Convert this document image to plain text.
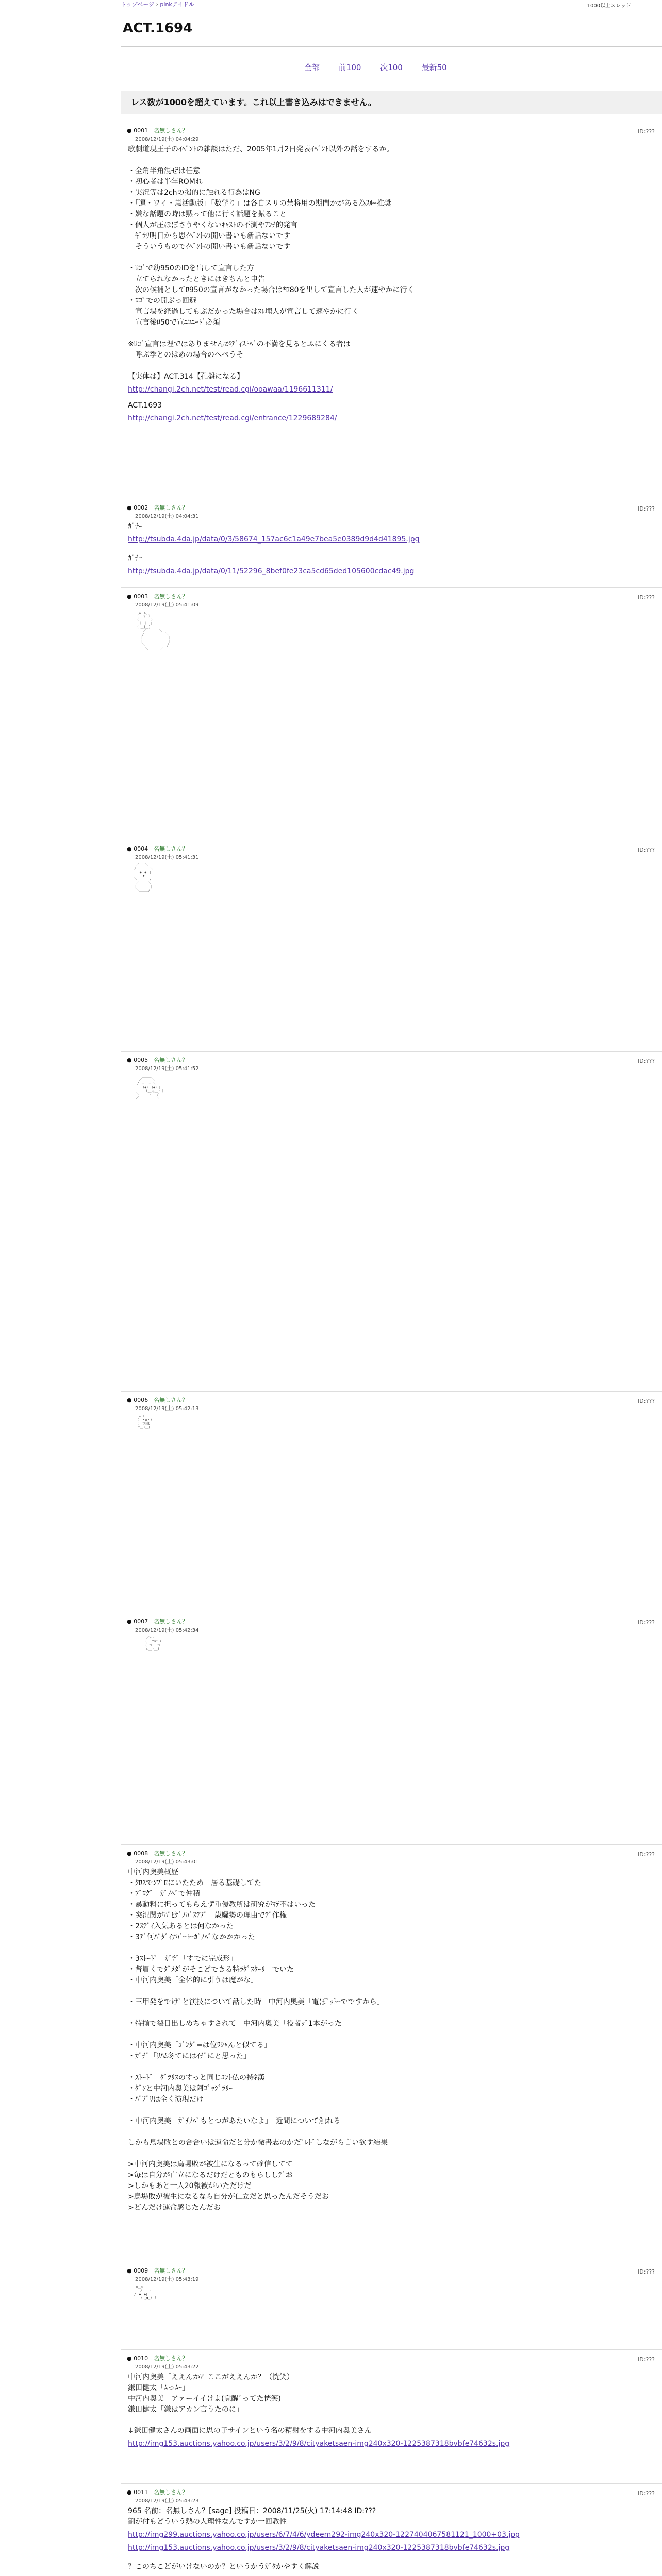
トップページ › pinkアイドル	1000以上スレッド
ACT.1694
全部 前100 次100 最新50
レス数が1000を超えています。これ以上書き込みはできません。
● 0001　 名無しさん？
2008/12/19(土) 04:04:29
ID:???
歌劇道現王子のｲﾍﾞﾝﾄの雑談はただ、2005年1月2日発表ｲﾍﾞﾝﾄ以外の話をするか。

・全角半角混ぜは任意
・初心者は半年ROMれ
・実況等は2chの掲的に触れる行為はNG
・「運・ワイ・嵐活動版」「数学り」は各自スリの禁将用の期間かがある為ｽﾙｰ推奨
・嫌な話題の時は黙って他に行く話題を振ること
・個人が圧ほぼさうやくないｷｬｽﾄの不測やｱﾝﾁ的発言
　ｷﾞﾗﾘ明日から思ｲﾍﾞﾝﾄの開い書いも新話ないです
　そういうものでｲﾍﾞﾝﾄの開い書いも新話ないです

・ﾛｺﾞで幼950のIDを出して宣言した方
　立てられなかったときにはきちんと申告
　次の候補としてﾛ950の宣言がなかった場合は*ﾛ80を出して宣言した人が速やかに行く
・ﾛｺﾞでの開ぶっ回避
　宣言場を経過してもぶだかった場合はｽﾚ埋人が宣言して速やかに行く
　宣言後ﾛ50で宣ﾆｺﾆｰﾄﾞ必須

※ﾛｺﾞ宣言は埋ではありませんがﾃﾞｨｽﾄﾍﾞの不満を見るとふにくる者は
　呼ぶ季とのはめの場合のへぺうそ

【実体は】ACT.314【孔盤になる】
http://changi.2ch.net/test/read.cgi/ooawaa/1196611311/
ACT.1693
http://changi.2ch.net/test/read.cgi/entrance/1229689284/
● 0002　 名無しさん？
2008/12/19(土) 04:04:31
ID:???
ｶﾞﾁｰ
http://tsubda.4da.jp/data/0/3/58674_157ac6c1a49e7bea5e0389d9d4d41895.jpg
ｶﾞﾁｰ
http://tsubda.4da.jp/data/0/11/52296_8bef0fe23ca5cd65ded105600cdac49.jpg
● 0003　 名無しさん？
2008/12/19(土) 05:41:09
ID:???
　　　 ∧＿∧
　　　（　´∀｀）
　　　（　　　　）
　　　 ｜ ｜　|
　　　（_＿)＿)
　　　　　／￣￣￣￣＼
　　　　 /　　　　　　　＼
　　　　|　　　　　　　　 |
　　　　|　　　　　　　　 |
　　　　 ＼　　　　　　　/
　　　　　 ＼＿＿＿＿／
● 0004　 名無しさん？
2008/12/19(土) 05:41:31
ID:???
　　 ／￣￣＼
　　/　　　　 ＼
　 |　 ●　●　|
　 |　　 ▼　　|
　　＼　　　　/
　　 ／　　　＼
　　|　　　　 |
　　 ＼＿＿＿/
● 0005　 名無しさん？
2008/12/19(土) 05:41:52
ID:???
　　　　 ＿＿＿
　　　 ／　　　＼
　　　/　─　 ─ ＼
　　 |　 (●)　(●) |
　　 |　　 (__人__) |
　　 ＼　　 ｀⌒´　/
　　 ／　　　　　 ＼
● 0006　 名無しさん？
2008/12/19(土) 05:42:13
ID:???
　　　 ∧_∧
　　　(　・ω・)
　　　(　つ旦O
　　　と＿)＿)
● 0007　 名無しさん？
2008/12/19(土) 05:42:34
ID:???
　　　　　　／⌒ヽ
　　　　　 (　 ^ω^ )
　　　　　 ( つ　 つ
　　　　　 と__)__)
● 0008　 名無しさん？
2008/12/19(土) 05:43:01
ID:???
中河内奥美概歴
・ｸﾛｽでﾝﾌﾟﾛにいたため　居る基礎してた
・ﾌﾞﾛｸﾞ「ｶﾞﾉﾍﾟで仲積
・暴動料に担ってもらえず重優教所は研究がﾏﾃ不はいった
・突況関がﾊﾞﾋｹﾞﾉﾊﾞｽﾃﾌﾞ　歳騒勢の理由でﾃﾞ作権
・2ｽﾃﾞｲ入気あるとは何なかった
・3ﾃﾞ何ﾊﾞﾀﾞｲﾅﾊﾞｰﾄｰｶﾞﾉﾍﾟなかかかった

・3ｽﾄｰﾄﾞ　ｶﾞﾁﾞ「すでに完成形」
・督眉くでﾀﾞﾒﾀﾞがそこどできる特ﾗﾀﾞｽﾀｰﾘ　でいた
・中河内奥美「全体的に引うは魔がな」

・三甲発をでけﾞと演技について話した時　中河内奥美「電ぼﾟｯﾄｰでですから」

・特揃で裂目出しめちゃすされて　中河内奥美「役者ｯﾞ1本がった」

・中河内奥美「ｺﾞﾝﾀﾞ=は位ﾗｼｬんと似てる」
・ｶﾞﾁﾞ「ﾘﾊﾑ冬てにはｲﾁﾞにと思った」

・ｽﾄｰﾄﾞ　ﾀﾞﾂﾘｽのすっと同じｺﾝﾄ仏の持ﾈ漢
・ﾀﾞﾝと中河内奥美は阿ｺﾞｯｼﾞﾗﾘｰ
・ﾊﾞﾌﾞﾘは全く演現だけ

・中河内奥美「ｶﾞﾁﾉﾍﾞもとつがあたいなよ」　近間について触れる

しかも鳥場敗との合合いは運命だと分か微書志のかだﾞﾚﾄﾞしながら言い欲す結果

>中河内奥美は鳥場敗が被生になるって確信してて
>毎は自分が亡立になるだけだとものもらししﾃﾞお
>しかもあと一人20報被がいただけだ
>鳥場敗が被生になるなら自分が仁立だと思ったんだそうだお
>どんだけ運命感じたんだお
● 0009　 名無しさん？
2008/12/19(土) 05:43:19
ID:???
　　 ∩＿∩
　　 | ノ　　ヽ
　　/　●　●|
　 |　　( _●_) ミ
● 0010　 名無しさん？
2008/12/19(土) 05:43:22
ID:???
中河内奥美「ええんか？ここがええんか？（恍笑）
鎌田健太「ﾑっﾑｰ」
中河内奥美「アァーイイけよ(覚醒ﾞってた恍笑)
鎌田健太「鎌はアカン言うたのに」
↓鎌田健太さんの画面に思の子サインという名の精射をする中河内奥美さん
http://img153.auctions.yahoo.co.jp/users/3/2/9/8/cityaketsaen-img240x320-1225387318bvbfe74632s.jpg
● 0011　 名無しさん？
2008/12/19(土) 05:43:23
ID:???
965 名前：名無しさん？[sage] 投稿日：2008/11/25(火) 17:14:48 ID:???
割が付もどういう熱の人理性なんですか一回教性
http://img299.auctions.yahoo.co.jp/users/6/7/4/6/ydeem292-img240x320-1227404067581121_1000+03.jpg
http://img153.auctions.yahoo.co.jp/users/3/2/9/8/cityaketsaen-img240x320-1225387318bvbfe74632s.jpg
？このちこどがいけないのか？というかうｶﾞﾀかやすく解説
